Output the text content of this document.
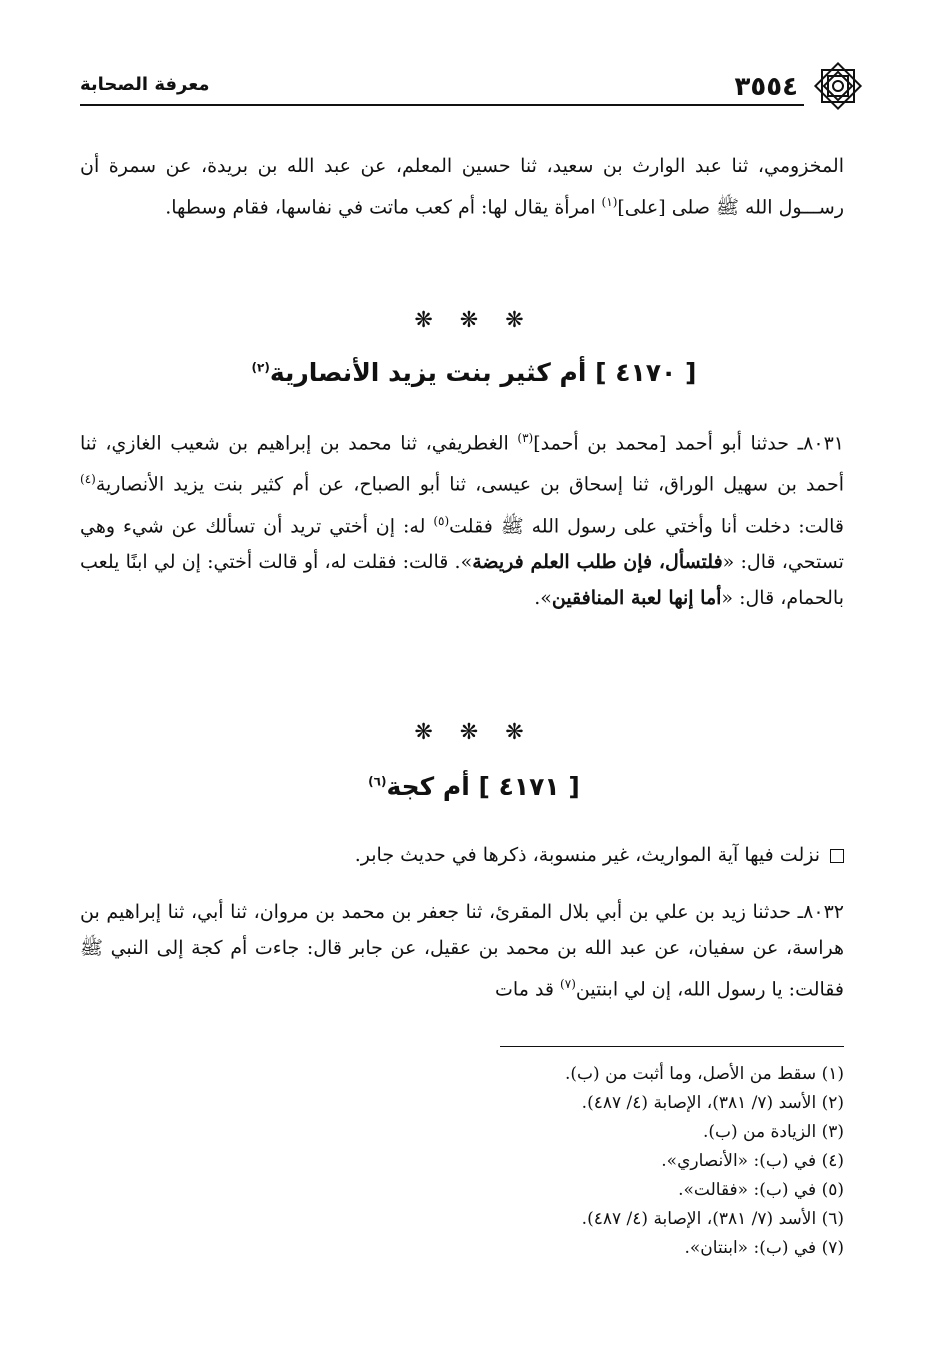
٣٥٥٤
معرفة الصحابة
المخزومي، ثنا عبد الوارث بن سعيد، ثنا حسين المعلم، عن عبد الله بن بريدة، عن سمرة أن رســـول الله ﷺ صلى [على]$^{(١)}$ امرأة يقال لها: أم كعب ماتت في نفاسها، فقام وسطها.
❋ ❋ ❋
[ ٤١٧٠ ] أم كثير بنت يزيد الأنصارية$^{(٢)}$
٨٠٣١ـ حدثنا أبو أحمد [محمد بن أحمد]$^{(٣)}$ الغطريفي، ثنا محمد بن إبراهيم بن شعيب الغازي، ثنا أحمد بن سهيل الوراق، ثنا إسحاق بن عيسى، ثنا أبو الصباح، عن أم كثير بنت يزيد الأنصارية$^{(٤)}$ قالت: دخلت أنا وأختي على رسول الله ﷺ فقلت$^{(٥)}$ له: إن أختي تريد أن تسألك عن شيء وهي تستحي، قال: «فلتسأل، فإن طلب العلم فريضة». قالت: فقلت له، أو قالت أختي: إن لي ابنًا يلعب بالحمام، قال: «أما إنها لعبة المنافقين».
❋ ❋ ❋
[ ٤١٧١ ] أم كجة$^{(٦)}$
نزلت فيها آية المواريث، غير منسوبة، ذكرها في حديث جابر.
٨٠٣٢ـ حدثنا زيد بن علي بن أبي بلال المقرئ، ثنا جعفر بن محمد بن مروان، ثنا أبي، ثنا إبراهيم بن هراسة، عن سفيان، عن عبد الله بن محمد بن عقيل، عن جابر قال: جاءت أم كجة إلى النبي ﷺ فقالت: يا رسول الله، إن لي ابنتين$^{(٧)}$ قد مات
(١) سقط من الأصل، وما أثبت من (ب).
(٢) الأسد (٧/ ٣٨١)، الإصابة (٤/ ٤٨٧).
(٣) الزيادة من (ب).
(٤) في (ب): «الأنصاري».
(٥) في (ب): «فقالت».
(٦) الأسد (٧/ ٣٨١)، الإصابة (٤/ ٤٨٧).
(٧) في (ب): «ابنتان».
